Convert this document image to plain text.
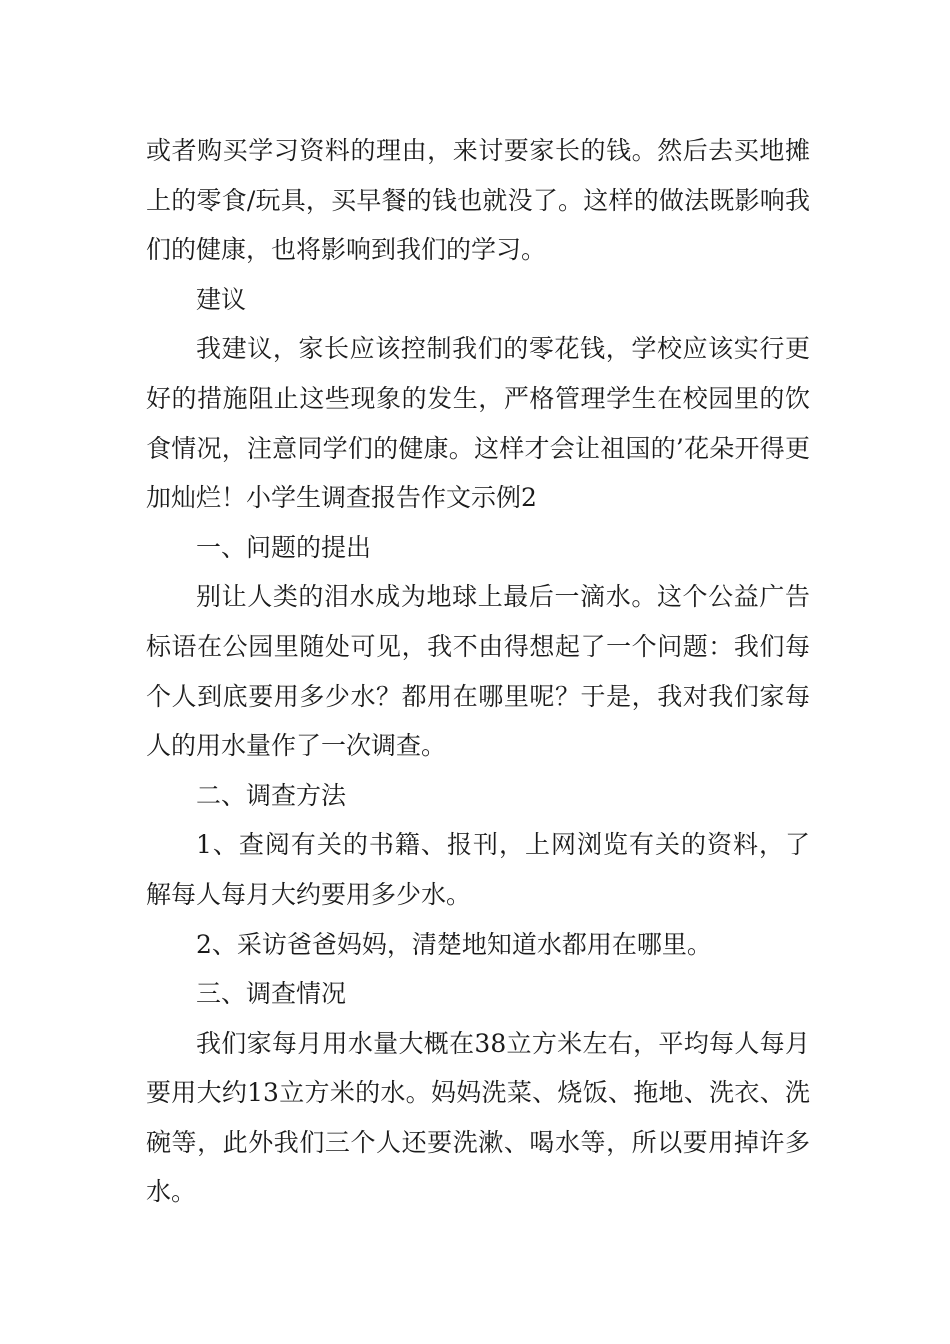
或者购买学习资料的理由，来讨要家长的钱。然后去买地摊上的零食/玩具，买早餐的钱也就没了。这样的做法既影响我们的健康，也将影响到我们的学习。

建议

我建议，家长应该控制我们的零花钱，学校应该实行更好的措施阻止这些现象的发生，严格管理学生在校园里的饮食情况，注意同学们的健康。这样才会让祖国的’花朵开得更加灿烂！小学生调查报告作文示例2

一、问题的提出

别让人类的泪水成为地球上最后一滴水。这个公益广告标语在公园里随处可见，我不由得想起了一个问题：我们每个人到底要用多少水？都用在哪里呢？于是，我对我们家每人的用水量作了一次调查。

二、调查方法

1、查阅有关的书籍、报刊，上网浏览有关的资料，了解每人每月大约要用多少水。

2、采访爸爸妈妈，清楚地知道水都用在哪里。

三、调查情况

我们家每月用水量大概在38立方米左右，平均每人每月要用大约13立方米的水。妈妈洗菜、烧饭、拖地、洗衣、洗碗等，此外我们三个人还要洗漱、喝水等，所以要用掉许多水。
